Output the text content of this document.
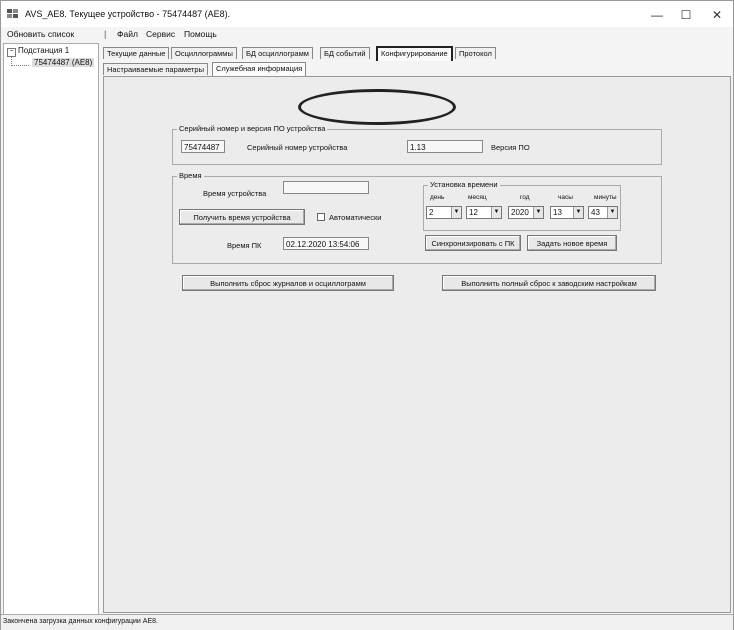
AVS_AE8. Текущее устройство - 75474487 (AE8).	—	☐	✕
Обновить список	| Файл Сервис Помощь
− Подстанция 1
75474487 (AE8)
Текущие данные	Осциллограммы	БД осциллограмм	БД событий	Конфигурирование	Протокол
Настраиваемые параметры	Служебная информация
Серийный номер и версия ПО устройства
75474487	Серийный номер устройства	1.13	Версия ПО
Время
Время устройства
Получить время устройства	Автоматически
Время ПК	02.12.2020 13:54:06
Установка времени
день	месяц	год	часы	минуты
2	▼	12	▼	2020	▼	13	▼	43	▼
Синхронизировать с ПК	Задать новое время
Выполнить сброс журналов и осциллограмм	Выполнить полный сброс к заводским настройкам
Закончена загрузка данных конфигурации AE8.
